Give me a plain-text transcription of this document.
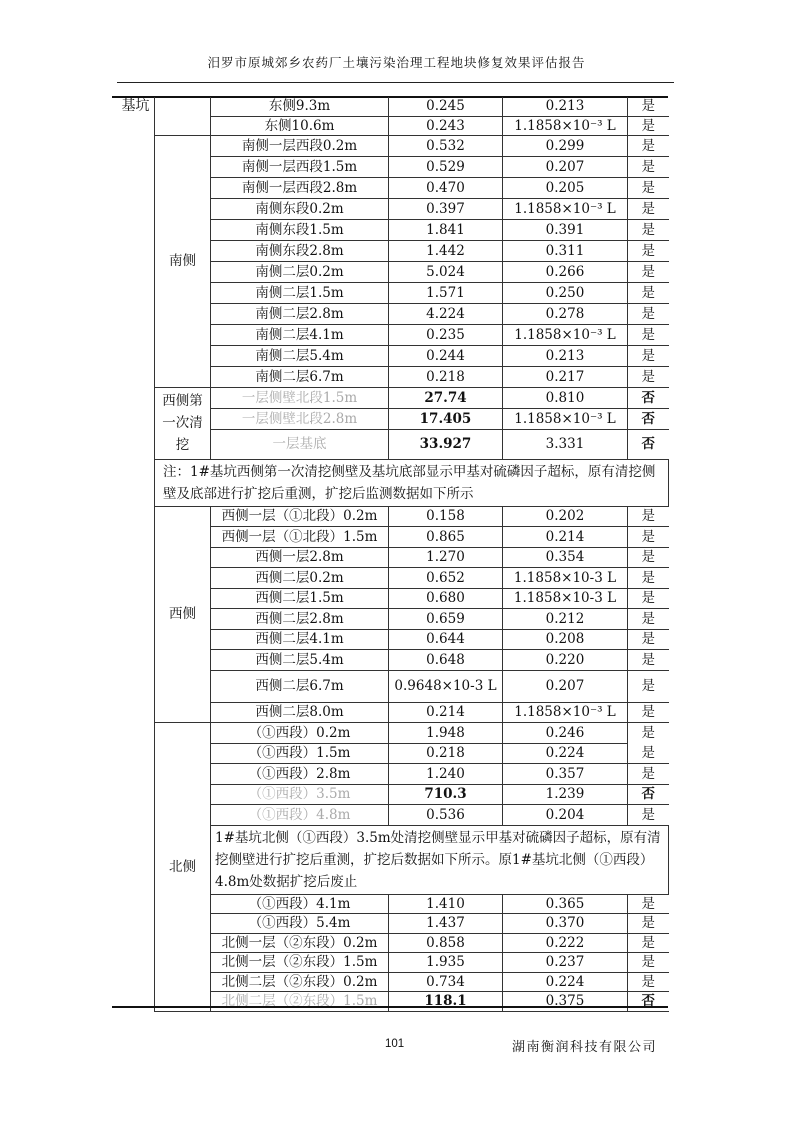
汨罗市原城郊乡农药厂土壤污染治理工程地块修复效果评估报告
基坑
		东侧9.3m	0.245	0.213	是
	东侧10.6m	0.243	1.1858×10⁻³ L	是
南侧	南侧一层西段0.2m	0.532	0.299	是
	南侧一层西段1.5m	0.529	0.207	是
	南侧一层西段2.8m	0.470	0.205	是
	南侧东段0.2m	0.397	1.1858×10⁻³ L	是
	南侧东段1.5m	1.841	0.391	是
	南侧东段2.8m	1.442	0.311	是
	南侧二层0.2m	5.024	0.266	是
	南侧二层1.5m	1.571	0.250	是
	南侧二层2.8m	4.224	0.278	是
	南侧二层4.1m	0.235	1.1858×10⁻³ L	是
	南侧二层5.4m	0.244	0.213	是
	南侧二层6.7m	0.218	0.217	是
西侧第一次清挖	一层侧壁北段1.5m	27.74	0.810	否
	一层侧壁北段2.8m	17.405	1.1858×10⁻³ L	否
	一层基底	33.927	3.331	否
注：1#基坑西侧第一次清挖侧壁及基坑底部显示甲基对硫磷因子超标，原有清挖侧壁及底部进行扩挖后重测，扩挖后监测数据如下所示				
西侧	西侧一层（①北段）0.2m	0.158	0.202	是
	西侧一层（①北段）1.5m	0.865	0.214	是
	西侧一层2.8m	1.270	0.354	是
	西侧二层0.2m	0.652	1.1858×10-3 L	是
	西侧二层1.5m	0.680	1.1858×10-3 L	是
	西侧二层2.8m	0.659	0.212	是
	西侧二层4.1m	0.644	0.208	是
	西侧二层5.4m	0.648	0.220	是
	西侧二层6.7m	0.9648×10-3 L	0.207	是
	西侧二层8.0m	0.214	1.1858×10⁻³ L	是
北侧	（①西段）0.2m	1.948	0.246	是
	（①西段）1.5m	0.218	0.224	是
	（①西段）2.8m	1.240	0.357	是
	（①西段）3.5m	710.3	1.239	否
	（①西段）4.8m	0.536	0.204	是
	1#基坑北侧（①西段）3.5m处清挖侧壁显示甲基对硫磷因子超标，原有清挖侧壁进行扩挖后重测，扩挖后数据如下所示。原1#基坑北侧（①西段）4.8m处数据扩挖后废止			
	（①西段）4.1m	1.410	0.365	是
	（①西段）5.4m	1.437	0.370	是
	北侧一层（②东段）0.2m	0.858	0.222	是
	北侧一层（②东段）1.5m	1.935	0.237	是
	北侧二层（②东段）0.2m	0.734	0.224	是
	北侧二层（②东段）1.5m	118.1	0.375	否
101	湖南衡润科技有限公司
